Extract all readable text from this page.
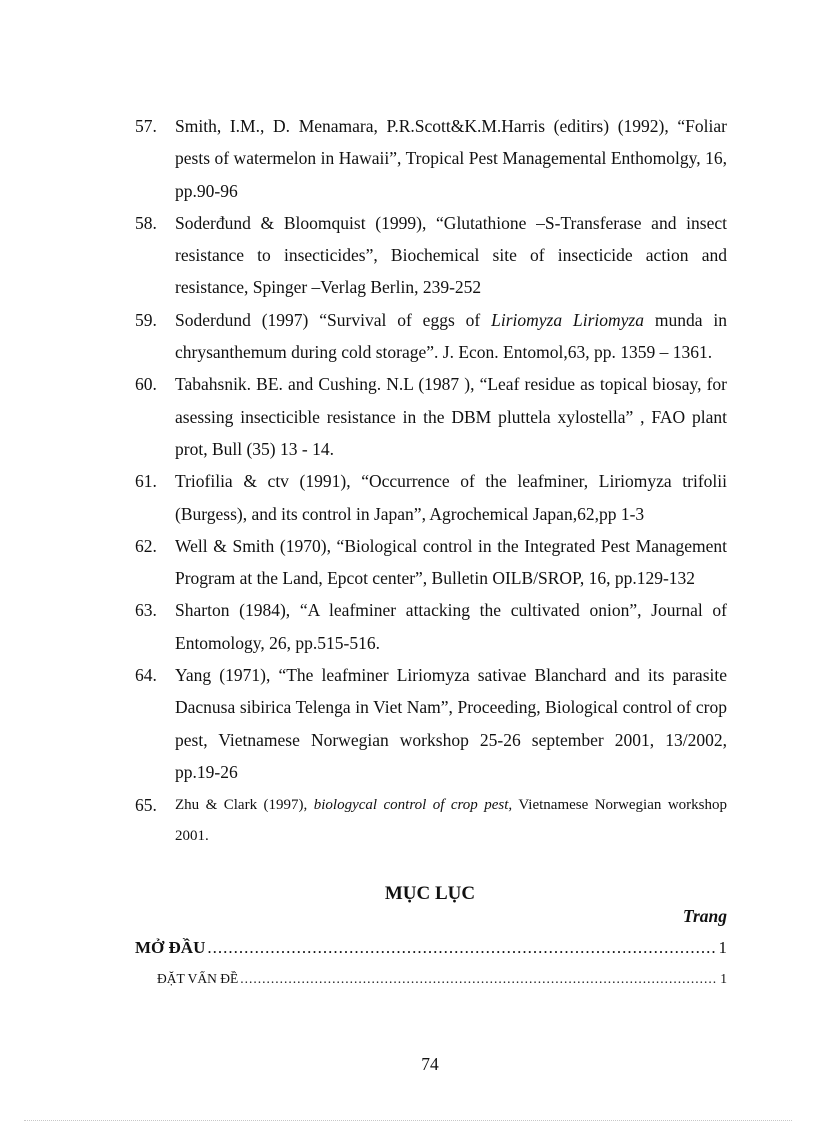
57. Smith, I.M., D. Menamara, P.R.Scott&K.M.Harris (editirs) (1992), “Foliar pests of watermelon in Hawaii”, Tropical Pest Managemental Enthomolgy, 16, pp.90-96
58. Soderđund & Bloomquist (1999), “Glutathione –S-Transferase and insect resistance to insecticides”, Biochemical site of insecticide action and resistance, Spinger –Verlag Berlin, 239-252
59. Soderdund (1997) “Survival of eggs of Liriomyza Liriomyza munda in chrysanthemum during cold storage”. J. Econ. Entomol,63, pp. 1359 – 1361.
60. Tabahsnik. BE. and Cushing. N.L (1987 ), “Leaf residue as topical biosay, for asessing insecticible resistance in the DBM pluttela xylostella” , FAO plant prot, Bull (35) 13 - 14.
61. Triofilia & ctv (1991), “Occurrence of the leafminer, Liriomyza trifolii (Burgess), and its control in Japan”, Agrochemical Japan,62,pp 1-3
62. Well & Smith (1970), “Biological control in the Integrated Pest Management Program at the Land, Epcot center”, Bulletin OILB/SROP, 16, pp.129-132
63. Sharton (1984), “A leafminer attacking the cultivated onion”, Journal of Entomology, 26, pp.515-516.
64. Yang (1971), “The leafminer Liriomyza sativae Blanchard and its parasite Dacnusa sibirica Telenga in Viet Nam”, Proceeding, Biological control of crop pest, Vietnamese Norwegian workshop 25-26 september 2001, 13/2002, pp.19-26
65. Zhu & Clark (1997), biologycal control of crop pest, Vietnamese Norwegian workshop 2001.
MỤC LỤC
Trang
MỞ ĐẦU .....	1
ĐẶT VẤN ĐỀ .....	1
74
